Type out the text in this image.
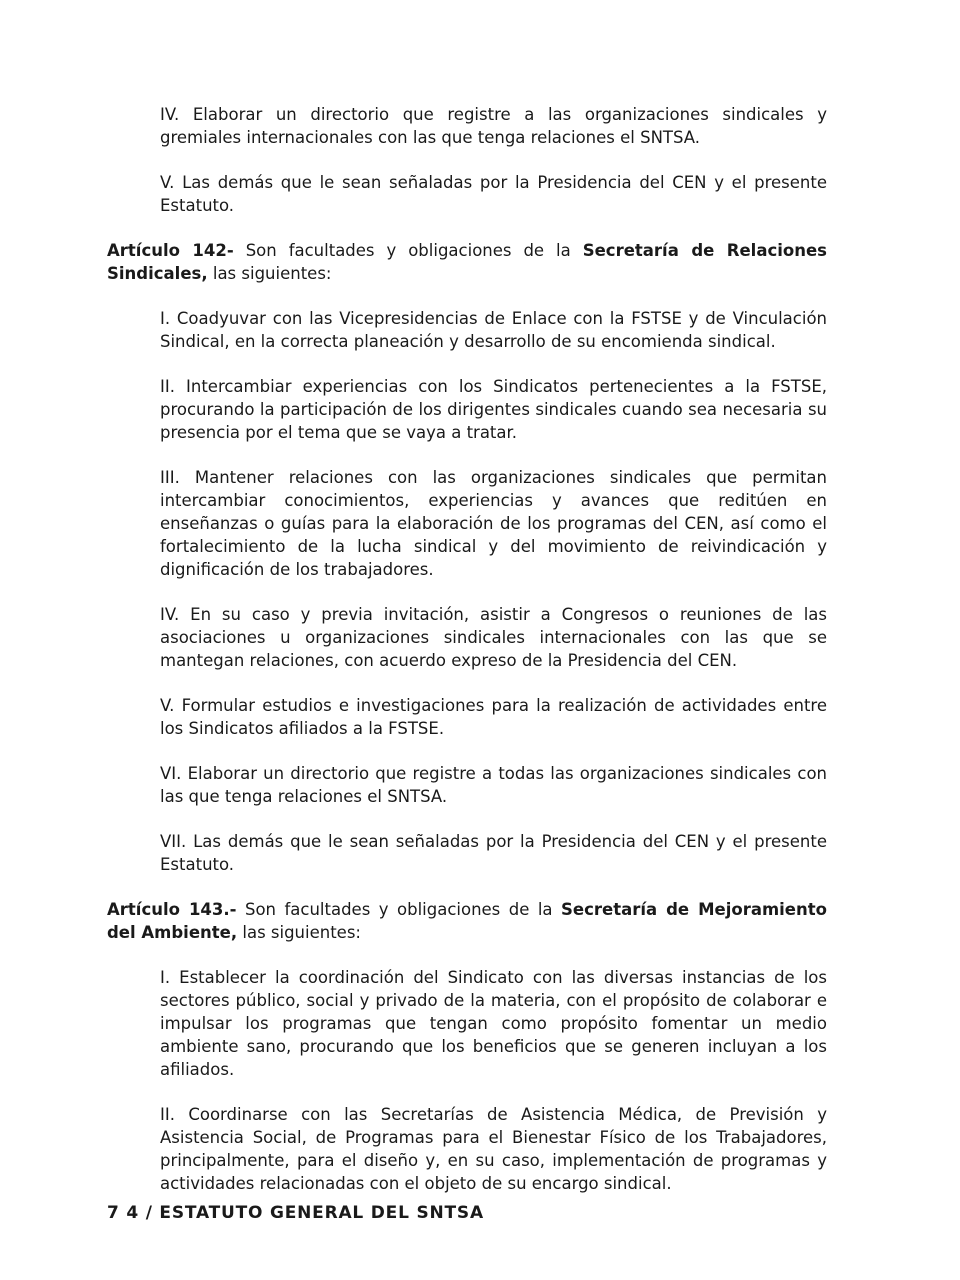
IV. Elaborar un directorio que registre a las organizaciones sindicales y gremiales internacionales con las que tenga relaciones el SNTSA.

V. Las demás que le sean señaladas por la Presidencia del CEN y el presente Estatuto.

Artículo 142- Son facultades y obligaciones de la Secretaría de Relaciones Sindicales, las siguientes:

I. Coadyuvar con las Vicepresidencias de Enlace con la FSTSE y de Vinculación Sindical, en la correcta planeación y desarrollo de su encomienda sindical.

II. Intercambiar experiencias con los Sindicatos pertenecientes a la FSTSE, procurando la participación de los dirigentes sindicales cuando sea necesaria su presencia por el tema que se vaya a tratar.

III. Mantener relaciones con las organizaciones sindicales que permitan intercambiar conocimientos, experiencias y avances que reditúen en enseñanzas o guías para la elaboración de los programas del CEN, así como el fortalecimiento de la lucha sindical y del movimiento de reivindicación y dignificación de los trabajadores.

IV. En su caso y previa invitación, asistir a Congresos o reuniones de las asociaciones u organizaciones sindicales internacionales con las que se mantegan relaciones, con acuerdo expreso de la Presidencia del CEN.

V. Formular estudios e investigaciones para la realización de actividades entre los Sindicatos afiliados a la FSTSE.

VI. Elaborar un directorio que registre a todas las organizaciones sindicales con las que tenga relaciones el SNTSA.

VII. Las demás que le sean señaladas por la Presidencia del CEN y el presente Estatuto.

Artículo 143.- Son facultades y obligaciones de la Secretaría de Mejoramiento del Ambiente, las siguientes:

I. Establecer la coordinación del Sindicato con las diversas instancias de los sectores público, social y privado de la materia, con el propósito de colaborar e impulsar los programas que tengan como propósito fomentar un medio ambiente sano, procurando que los beneficios que se generen incluyan a los afiliados.

II. Coordinarse con las Secretarías de Asistencia Médica, de Previsión y Asistencia Social, de Programas para el Bienestar Físico de los Trabajadores, principalmente, para el diseño y, en su caso, implementación de programas y actividades relacionadas con el objeto de su encargo sindical.

7 4 / ESTATUTO GENERAL DEL SNTSA
